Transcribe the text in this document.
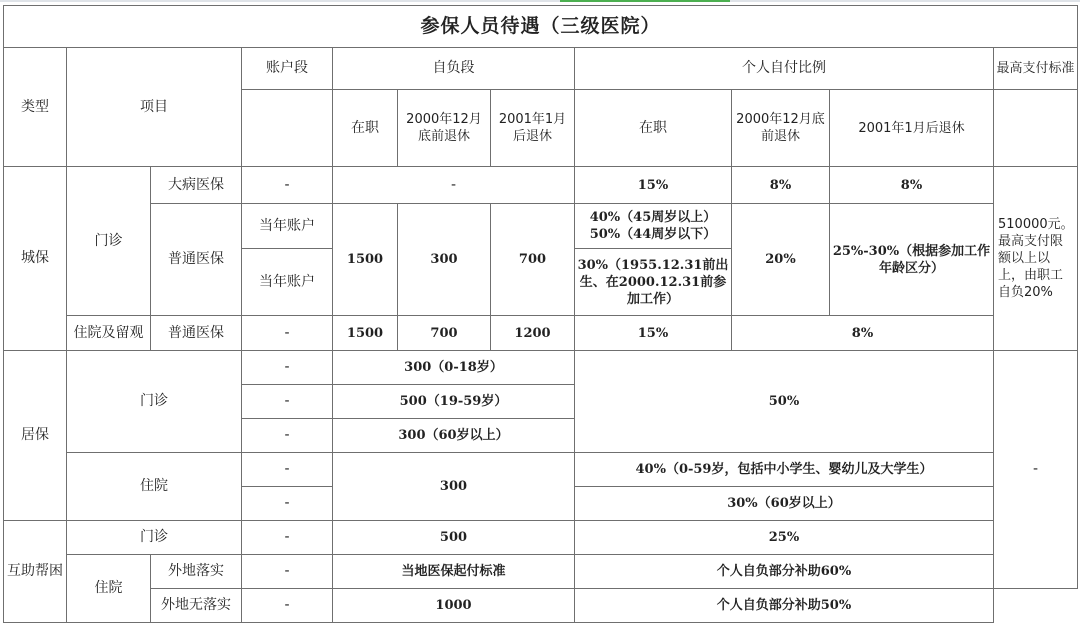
参保人员待遇（三级医院）										
类型	项目		账户段	自负段			个人自付比例			最高支付标准
				在职	2000年12月底前退休	2001年1月后退休	在职	2000年12月底前退休	2001年1月后退休	
城保	门诊	大病医保	-	-			15%	8%	8%	510000元。最高支付限额以上以上，由职工自负20%
		普通医保	当年账户	1500	300	700	40%（45周岁以上）
50%（44周岁以下）	20%	25%-30%（根据参加工作年龄区分）	
			当年账户				30%（1955.12.31前出生、在2000.12.31前参加工作）			
	住院及留观	普通医保	-	1500	700	1200	15%	8%		
居保	门诊		-	300（0-18岁）			50%			-
			-	500（19-59岁）						
			-	300（60岁以上）						
	住院		-	300			40%（0-59岁，包括中小学生、婴幼儿及大学生）			
			-				30%（60岁以上）			
互助帮困	门诊		-	500			25%			
	住院	外地落实	-	当地医保起付标准			个人自负部分补助60%			
		外地无落实	-	1000			个人自负部分补助50%			
